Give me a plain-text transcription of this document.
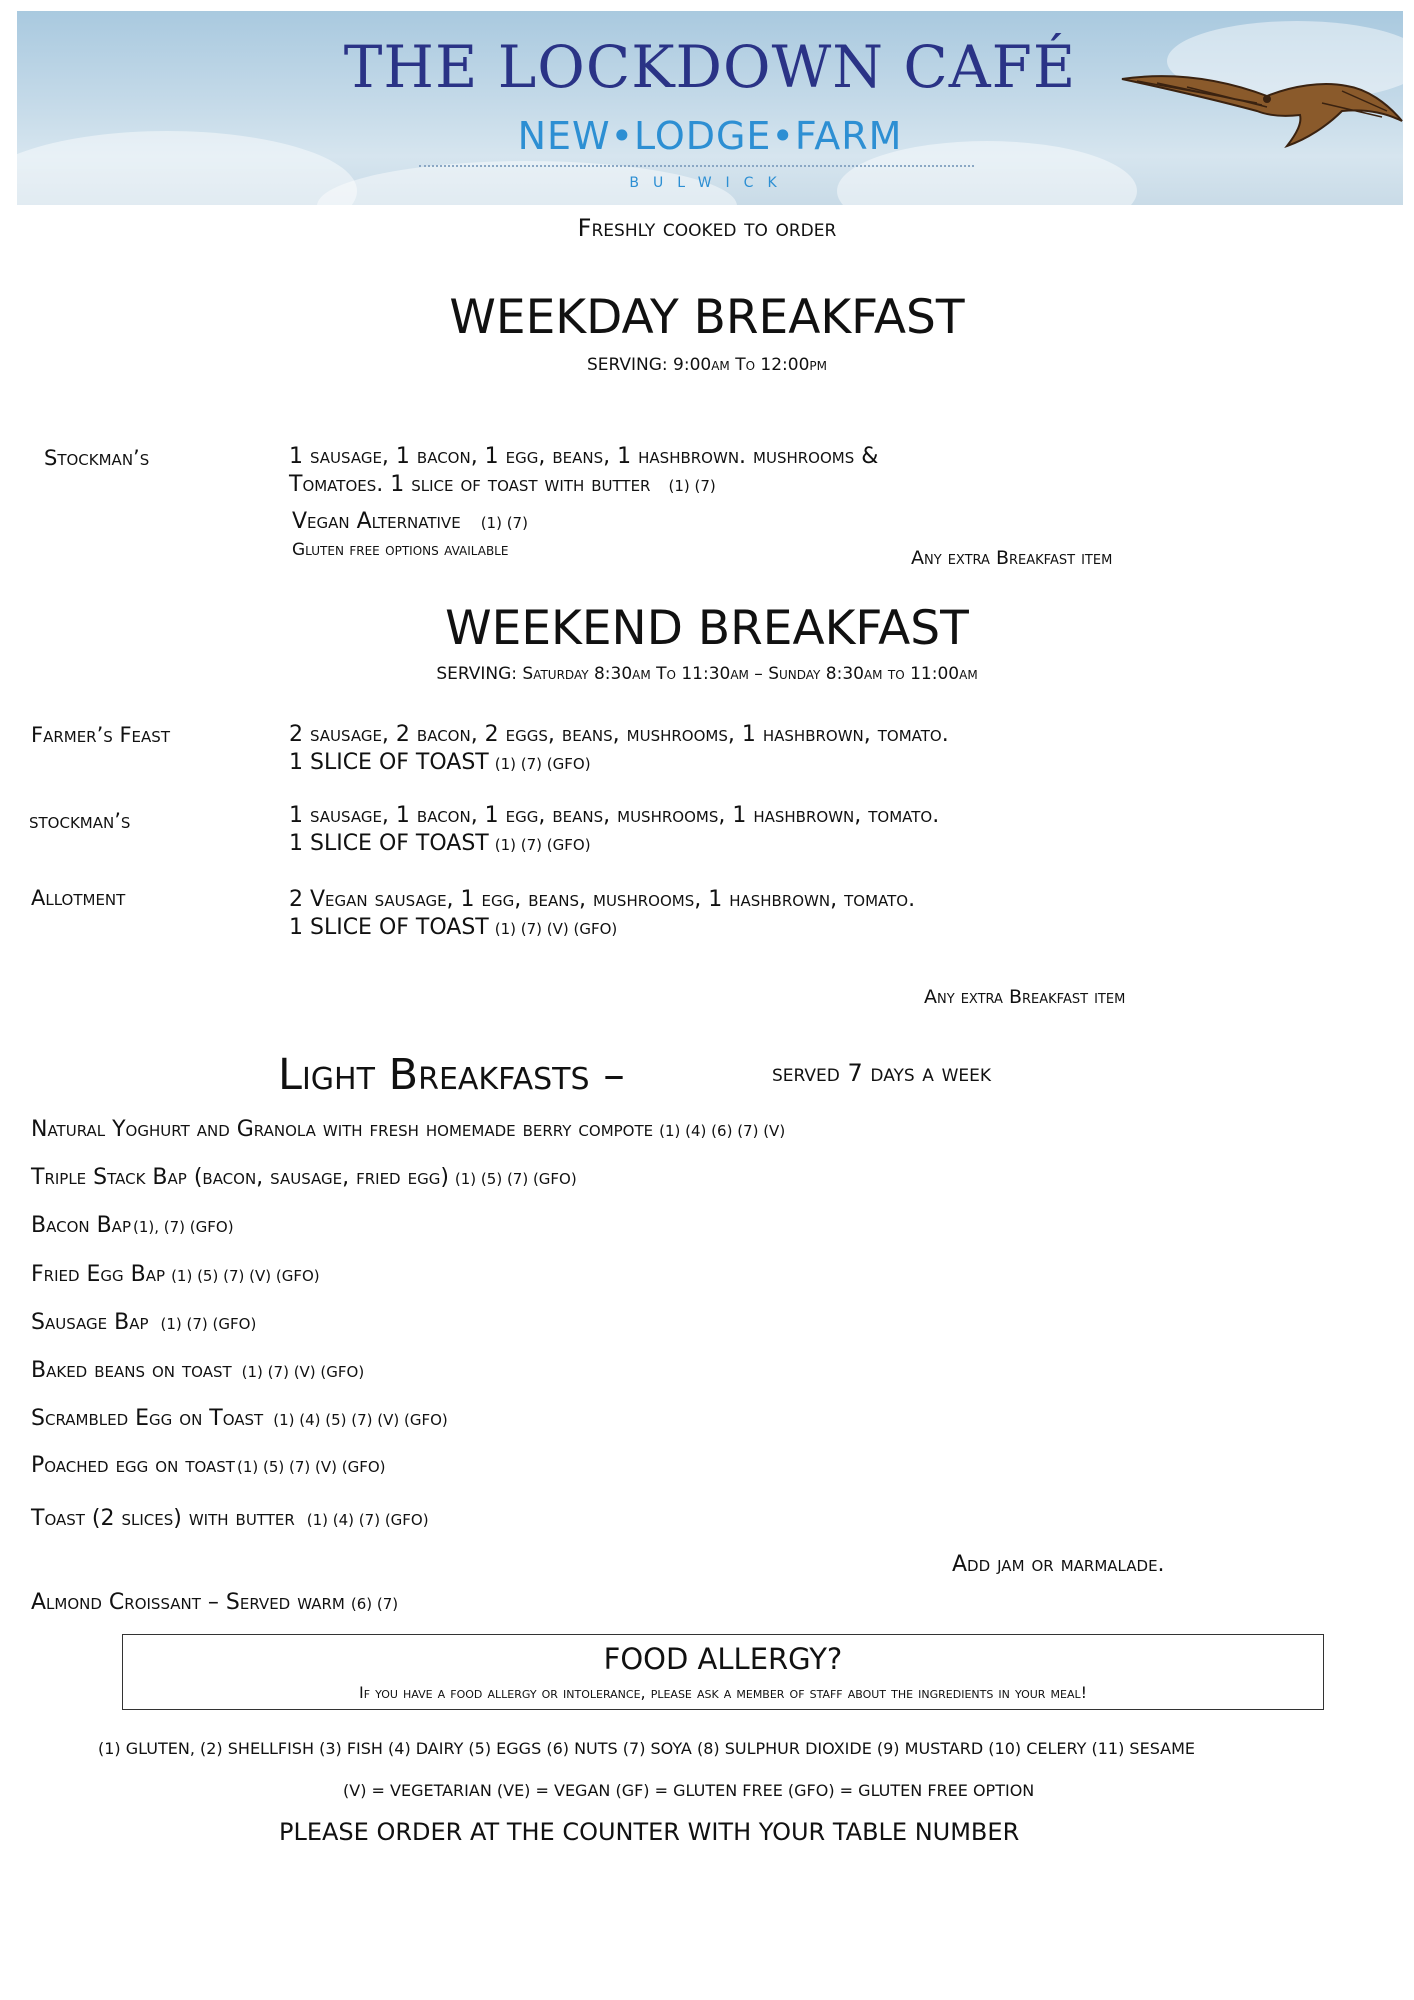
THE LOCKDOWN CAFÉ
NEW•LODGE•FARM
BULWICK
Freshly cooked to order
WEEKDAY BREAKFAST
SERVING: 9:00am To 12:00pm
Stockman’s	1 sausage, 1 bacon, 1 egg, beans, 1 hashbrown. mushrooms &
Tomatoes. 1 slice of toast with butter (1) (7)
Vegan Alternative (1) (7)
Gluten free options available	Any extra Breakfast item
WEEKEND BREAKFAST
SERVING: Saturday 8:30am To 11:30am – Sunday 8:30am to 11:00am
Farmer’s Feast	2 sausage, 2 bacon, 2 eggs, beans, mushrooms, 1 hashbrown, tomato.
1 SLICE OF TOAST (1) (7) (GFO)
stockman’s	1 sausage, 1 bacon, 1 egg, beans, mushrooms, 1 hashbrown, tomato.
1 SLICE OF TOAST (1) (7) (GFO)
Allotment	2 Vegan sausage, 1 egg, beans, mushrooms, 1 hashbrown, tomato.
1 SLICE OF TOAST (1) (7) (V) (GFO)
Any extra Breakfast item
Light Breakfasts –	served 7 days a week
Natural Yoghurt and Granola with fresh homemade berry compote (1) (4) (6) (7) (V)
Triple Stack Bap (bacon, sausage, fried egg) (1) (5) (7) (GFO)
Bacon Bap (1), (7) (GFO)
Fried Egg Bap (1) (5) (7) (V) (GFO)
Sausage Bap (1) (7) (GFO)
Baked beans on toast (1) (7) (V) (GFO)
Scrambled Egg on Toast (1) (4) (5) (7) (V) (GFO)
Poached egg on toast (1) (5) (7) (V) (GFO)
Toast (2 slices) with butter (1) (4) (7) (GFO)
Add jam or marmalade.
Almond Croissant – Served warm (6) (7)
FOOD ALLERGY?
If you have a food allergy or intolerance, please ask a member of staff about the ingredients in your meal!
(1) GLUTEN, (2) SHELLFISH (3) FISH (4) DAIRY (5) EGGS (6) NUTS (7) SOYA (8) SULPHUR DIOXIDE (9) MUSTARD (10) CELERY (11) SESAME
(V) = VEGETARIAN (VE) = VEGAN (GF) = GLUTEN FREE (GFO) = GLUTEN FREE OPTION
PLEASE ORDER AT THE COUNTER WITH YOUR TABLE NUMBER
